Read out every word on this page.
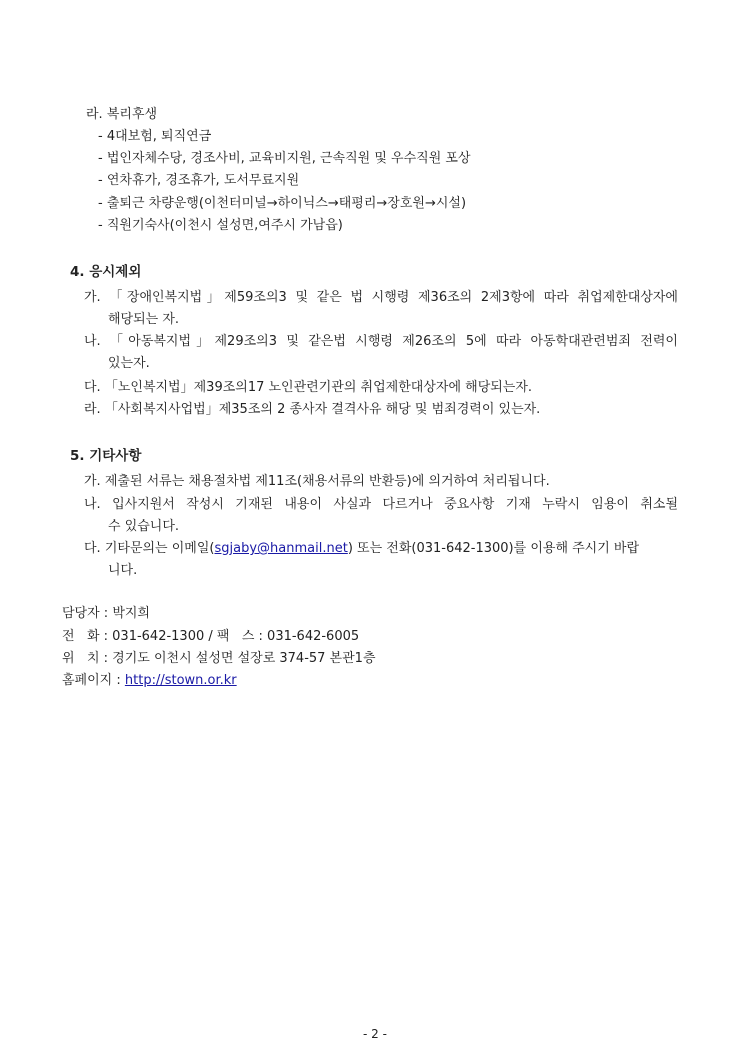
라. 복리후생
- 4대보험, 퇴직연금
- 법인자체수당, 경조사비, 교육비지원, 근속직원 및 우수직원 포상
- 연차휴가, 경조휴가, 도서무료지원
- 출퇴근 차량운행(이천터미널→하이닉스→태평리→장호원→시설)
- 직원기숙사(이천시 설성면,여주시 가남읍)
4. 응시제외
가. 「장애인복지법」제59조의3 및 같은 법 시행령 제36조의 2제3항에 따라 취업제한대상자에
해당되는 자.
나. 「아동복지법」제29조의3 및 같은법 시행령 제26조의 5에 따라 아동학대관련범죄 전력이
있는자.
다. 「노인복지법」제39조의17 노인관련기관의 취업제한대상자에 해당되는자.
라. 「사회복지사업법」제35조의 2 종사자 결격사유 해당 및 범죄경력이 있는자.
5. 기타사항
가. 제출된 서류는 채용절차법 제11조(채용서류의 반환등)에 의거하여 처리됩니다.
나. 입사지원서 작성시 기재된 내용이 사실과 다르거나 중요사항 기재 누락시 임용이 취소될
수 있습니다.
다. 기타문의는 이메일(sgjaby@hanmail.net) 또는 전화(031-642-1300)를 이용해 주시기 바랍
니다.
담당자 : 박지희
전   화 : 031-642-1300 / 팩   스 : 031-642-6005
위   치 : 경기도 이천시 설성면 설장로 374-57 본관1층
홈페이지 : http://stown.or.kr
- 2 -
